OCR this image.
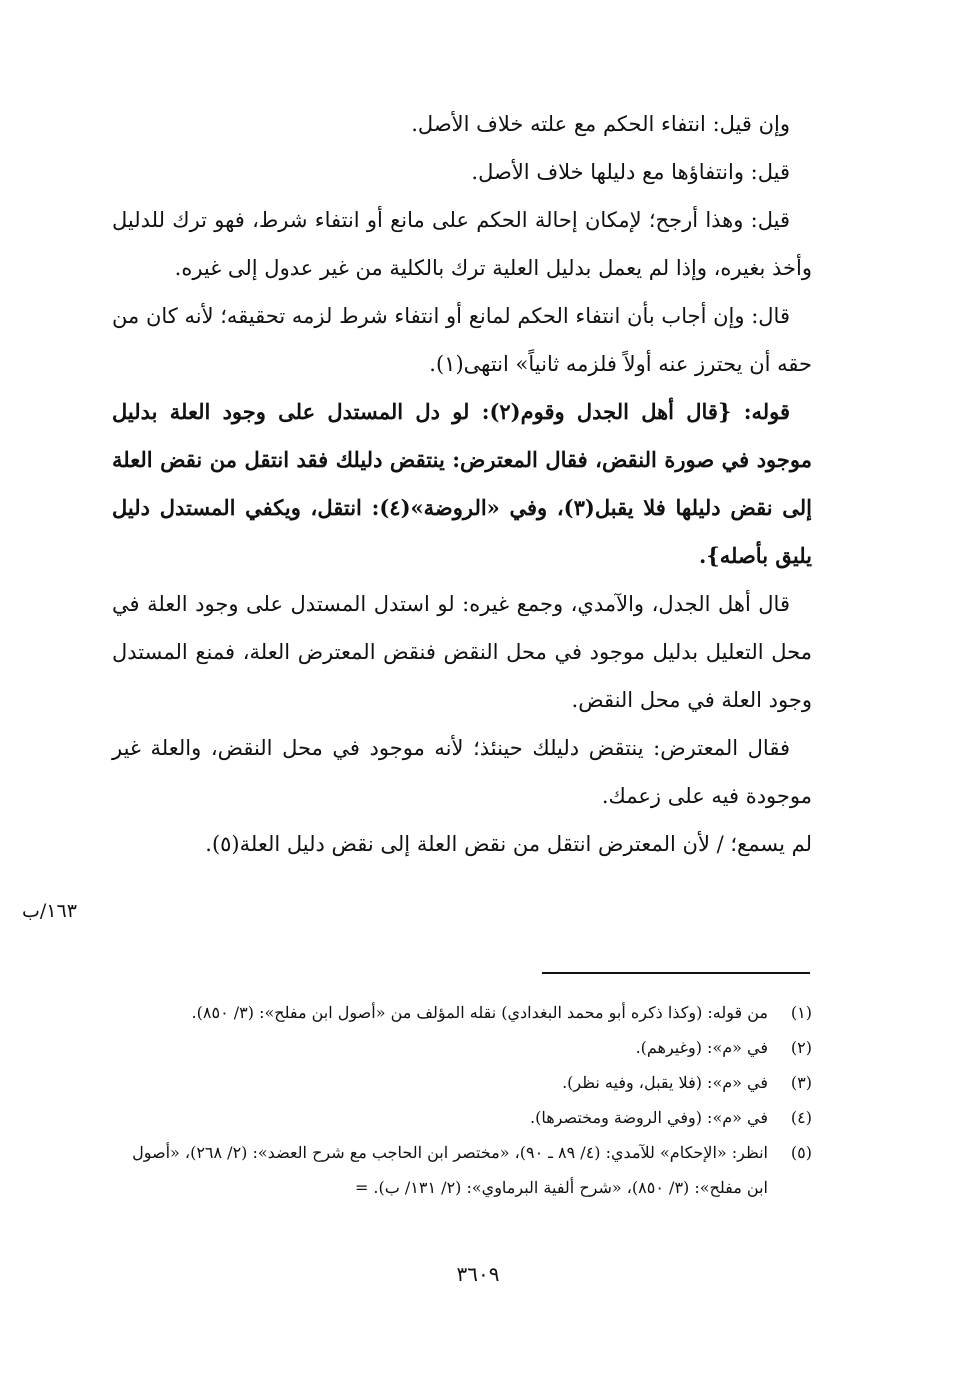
وإن قيل: انتفاء الحكم مع علته خلاف الأصل.

قيل: وانتفاؤها مع دليلها خلاف الأصل.

قيل: وهذا أرجح؛ لإمكان إحالة الحكم على مانع أو انتفاء شرط، فهو ترك للدليل وأخذ بغيره، وإذا لم يعمل بدليل العلية ترك بالكلية من غير عدول إلى غيره.

قال: وإن أجاب بأن انتفاء الحكم لمانع أو انتفاء شرط لزمه تحقيقه؛ لأنه كان من حقه أن يحترز عنه أولاً فلزمه ثانياً» انتهى(١).

قوله: {قال أهل الجدل وقوم(٢): لو دل المستدل على وجود العلة بدليل موجود في صورة النقض، فقال المعترض: ينتقض دليلك فقد انتقل من نقض العلة إلى نقض دليلها فلا يقبل(٣)، وفي «الروضة»(٤): انتقل، ويكفي المستدل دليل يليق بأصله}.

قال أهل الجدل، والآمدي، وجمع غيره: لو استدل المستدل على وجود العلة في محل التعليل بدليل موجود في محل النقض فنقض المعترض العلة، فمنع المستدل وجود العلة في محل النقض.

فقال المعترض: ينتقض دليلك حينئذ؛ لأنه موجود في محل النقض، والعلة غير موجودة فيه على زعمك.

لم يسمع؛ / لأن المعترض انتقل من نقض العلة إلى نقض دليل العلة(٥).

١٦٣/ب
(١)
من قوله: (وكذا ذكره أبو محمد البغدادي) نقله المؤلف من «أصول ابن مفلح»: (٣/ ٨٥٠).
(٢)
في «م»: (وغيرهم).
(٣)
في «م»: (فلا يقبل، وفيه نظر).
(٤)
في «م»: (وفي الروضة ومختصرها).
(٥)
انظر: «الإحكام» للآمدي: (٤/ ٨٩ ـ ٩٠)، «مختصر ابن الحاجب مع شرح العضد»: (٢/ ٢٦٨)، «أصول ابن مفلح»: (٣/ ٨٥٠)، «شرح ألفية البرماوي»: (٢/ ١٣١/ ب). =
٣٦٠٩
